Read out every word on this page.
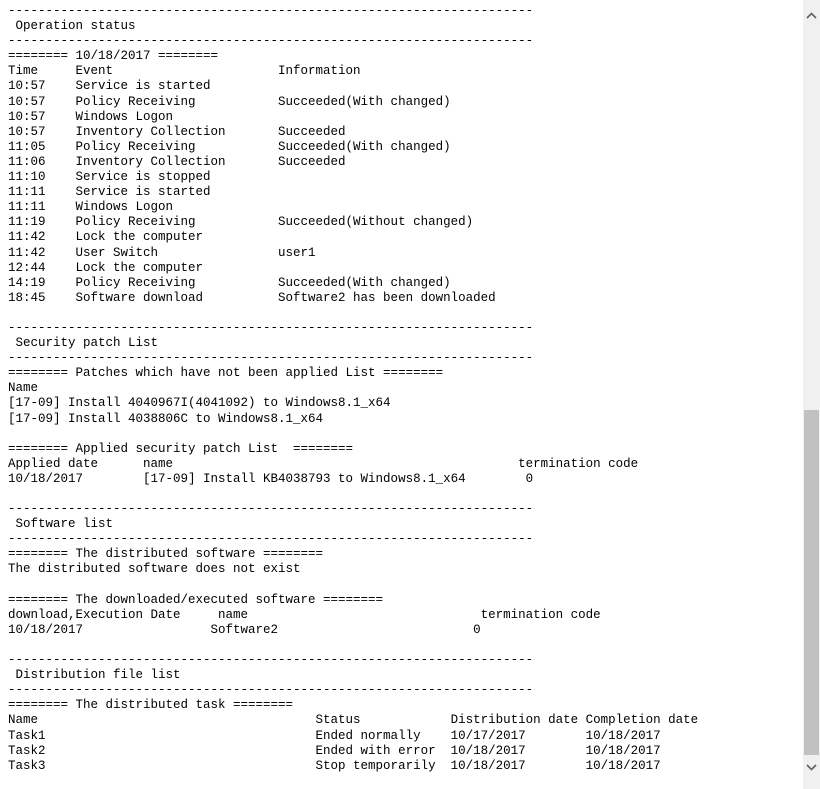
----------------------------------------------------------------------
Operation status
----------------------------------------------------------------------
======== 10/18/2017 ========
Time     Event                      Information
10:57    Service is started
10:57    Policy Receiving           Succeeded(With changed)
10:57    Windows Logon
10:57    Inventory Collection       Succeeded
11:05    Policy Receiving           Succeeded(With changed)
11:06    Inventory Collection       Succeeded
11:10    Service is stopped
11:11    Service is started
11:11    Windows Logon
11:19    Policy Receiving           Succeeded(Without changed)
11:42    Lock the computer
11:42    User Switch                user1
12:44    Lock the computer
14:19    Policy Receiving           Succeeded(With changed)
18:45    Software download          Software2 has been downloaded
----------------------------------------------------------------------
Security patch List
----------------------------------------------------------------------
======== Patches which have not been applied List ========
Name
[17-09] Install 4040967I(4041092) to Windows8.1_x64
[17-09] Install 4038806C to Windows8.1_x64
======== Applied security patch List  ========
Applied date      name                                              termination code
10/18/2017        [17-09] Install KB4038793 to Windows8.1_x64        0
----------------------------------------------------------------------
Software list
----------------------------------------------------------------------
======== The distributed software ========
The distributed software does not exist
======== The downloaded/executed software ========
download,Execution Date     name                               termination code
10/18/2017                 Software2                          0
----------------------------------------------------------------------
Distribution file list
----------------------------------------------------------------------
======== The distributed task ========
Name                                     Status            Distribution date Completion date
Task1                                    Ended normally    10/17/2017        10/18/2017
Task2                                    Ended with error  10/18/2017        10/18/2017
Task3                                    Stop temporarily  10/18/2017        10/18/2017
